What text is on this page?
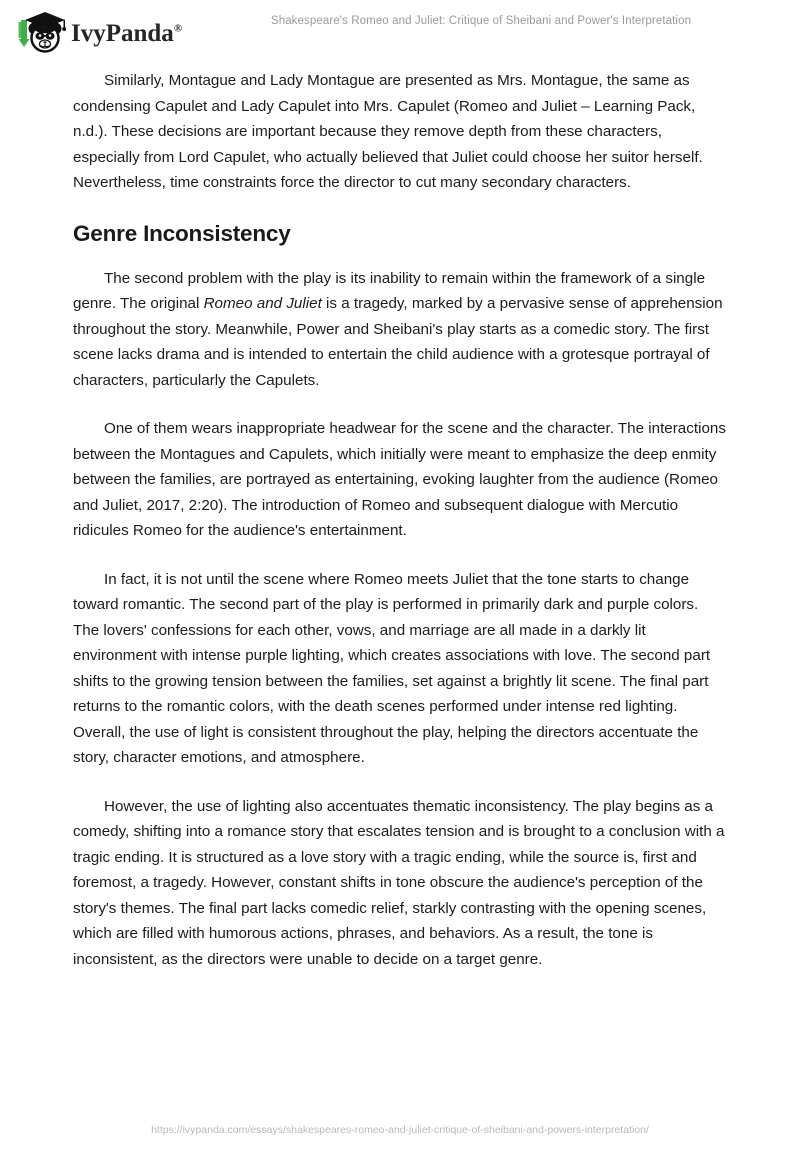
IvyPanda®
Shakespeare's Romeo and Juliet: Critique of Sheibani and Power's Interpretation

Similarly, Montague and Lady Montague are presented as Mrs. Montague, the same as condensing Capulet and Lady Capulet into Mrs. Capulet (Romeo and Juliet – Learning Pack, n.d.). These decisions are important because they remove depth from these characters, especially from Lord Capulet, who actually believed that Juliet could choose her suitor herself. Nevertheless, time constraints force the director to cut many secondary characters.

Genre Inconsistency

The second problem with the play is its inability to remain within the framework of a single genre. The original Romeo and Juliet is a tragedy, marked by a pervasive sense of apprehension throughout the story. Meanwhile, Power and Sheibani's play starts as a comedic story. The first scene lacks drama and is intended to entertain the child audience with a grotesque portrayal of characters, particularly the Capulets.

One of them wears inappropriate headwear for the scene and the character. The interactions between the Montagues and Capulets, which initially were meant to emphasize the deep enmity between the families, are portrayed as entertaining, evoking laughter from the audience (Romeo and Juliet, 2017, 2:20). The introduction of Romeo and subsequent dialogue with Mercutio ridicules Romeo for the audience's entertainment.

In fact, it is not until the scene where Romeo meets Juliet that the tone starts to change toward romantic. The second part of the play is performed in primarily dark and purple colors. The lovers' confessions for each other, vows, and marriage are all made in a darkly lit environment with intense purple lighting, which creates associations with love. The second part shifts to the growing tension between the families, set against a brightly lit scene. The final part returns to the romantic colors, with the death scenes performed under intense red lighting. Overall, the use of light is consistent throughout the play, helping the directors accentuate the story, character emotions, and atmosphere.

However, the use of lighting also accentuates thematic inconsistency. The play begins as a comedy, shifting into a romance story that escalates tension and is brought to a conclusion with a tragic ending. It is structured as a love story with a tragic ending, while the source is, first and foremost, a tragedy. However, constant shifts in tone obscure the audience's perception of the story's themes. The final part lacks comedic relief, starkly contrasting with the opening scenes, which are filled with humorous actions, phrases, and behaviors. As a result, the tone is inconsistent, as the directors were unable to decide on a target genre.

https://ivypanda.com/essays/shakespeares-romeo-and-juliet-critique-of-sheibani-and-powers-interpretation/
